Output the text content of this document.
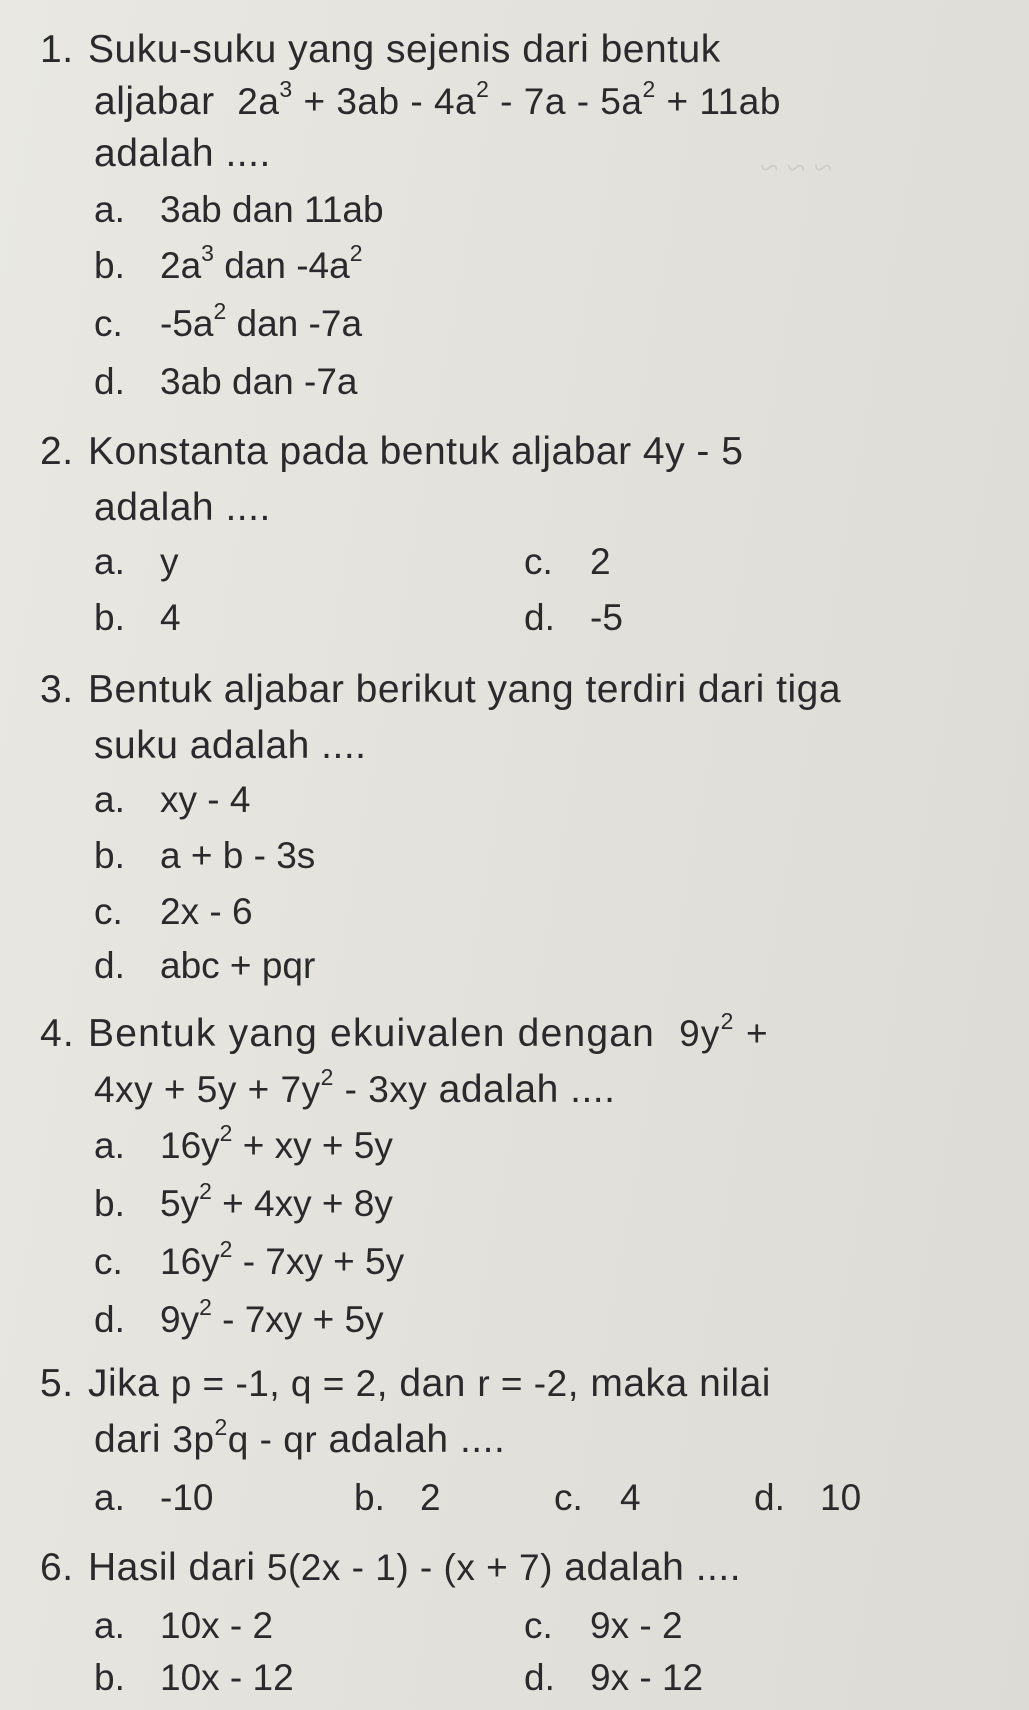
~ ~ ~
1. Suku-suku yang sejenis dari bentuk
aljabar $2a^3 + 3ab - 4a^2 - 7a - 5a^2 + 11ab$
adalah ....
a. 3ab dan 11ab
b. $2a^3$ dan $-4a^2$
c. $-5a^2$ dan -7a
d. 3ab dan -7a
2. Konstanta pada bentuk aljabar 4y - 5
adalah ....
a. y	c. 2
b. 4	d. -5
3. Bentuk aljabar berikut yang terdiri dari tiga
suku adalah ....
a. xy - 4
b. a + b - 3s
c. 2x - 6
d. abc + pqr
4. Bentuk yang ekuivalen dengan $9y^2$ +
$4xy + 5y + 7y^2 - 3xy$ adalah ....
a. $16y^2$ + xy + 5y
b. $5y^2 + 4xy + 8y$
c. $16y^2 - 7xy + 5y$
d. $9y^2 - 7xy + 5y$
5. Jika p = -1, q = 2, dan r = -2, maka nilai
dari $3p^2q$ - qr adalah ....
a. -10	b. 2	c. 4	d. 10
6. Hasil dari 5(2x - 1) - (x + 7) adalah ....
a. 10x - 2	c. 9x - 2
b. 10x - 12	d. 9x - 12
